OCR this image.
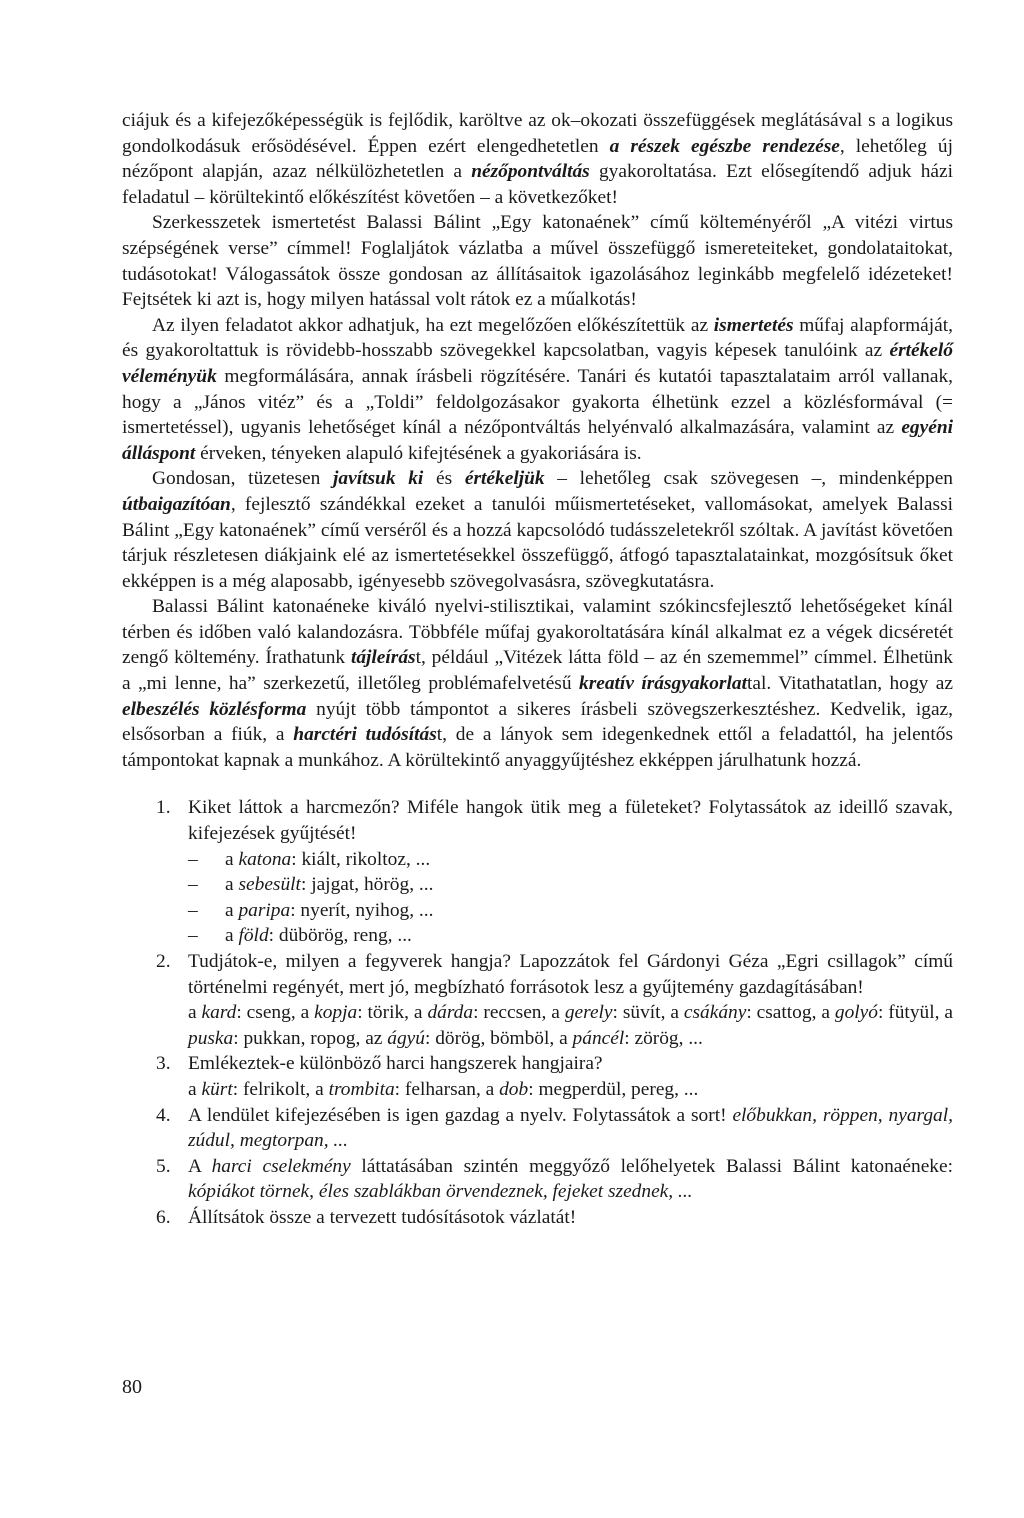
ciájuk és a kifejezőképességük is fejlődik, karöltve az ok–okozati összefüggések meglátásával s a logikus gondolkodásuk erősödésével. Éppen ezért elengedhetetlen a részek egészbe rendezése, lehetőleg új nézőpont alapján, azaz nélkülözhetetlen a nézőpontváltás gyakoroltatása. Ezt elősegítendő adjuk házi feladatul – körültekintő előkészítést követően – a következőket!

Szerkesszetek ismertetést Balassi Bálint „Egy katonaének” című költeményéről „A vitézi virtus szépségének verse” címmel! Foglaljátok vázlatba a művel összefüggő ismereteiteket, gondolataitokat, tudásotokat! Válogassátok össze gondosan az állításaitok igazolásához leginkább megfelelő idézeteket! Fejtsétek ki azt is, hogy milyen hatással volt rátok ez a műalkotás!

Az ilyen feladatot akkor adhatjuk, ha ezt megelőzően előkészítettük az ismertetés műfaj alapformáját, és gyakoroltattuk is rövidebb-hosszabb szövegekkel kapcsolatban, vagyis képesek tanulóink az értékelő véleményük megformálására, annak írásbeli rögzítésére. Tanári és kutatói tapasztalataim arról vallanak, hogy a „János vitéz” és a „Toldi” feldolgozásakor gyakorta élhetünk ezzel a közlésformával (= ismertetéssel), ugyanis lehetőséget kínál a nézőpontváltás helyénvaló alkalmazására, valamint az egyéni álláspont érveken, tényeken alapuló kifejtésének a gyakoriására is.

Gondosan, tüzetesen javítsuk ki és értékeljük – lehetőleg csak szövegesen –, mindenképpen útbaigazítóan, fejlesztő szándékkal ezeket a tanulói műismertetéseket, vallomásokat, amelyek Balassi Bálint „Egy katonaének” című verséről és a hozzá kapcsolódó tudásszeletekről szóltak. A javítást követően tárjuk részletesen diákjaink elé az ismertetésekkel összefüggő, átfogó tapasztalatainkat, mozgósítsuk őket ekképpen is a még alaposabb, igényesebb szövegolvasásra, szövegkutatásra.

Balassi Bálint katonaéneke kiváló nyelvi-stilisztikai, valamint szókincsfejlesztő lehetőségeket kínál térben és időben való kalandozásra. Többféle műfaj gyakoroltatására kínál alkalmat ez a végek dicséretét zengő költemény. Írathatunk tájleírást, például „Vitézek látta föld – az én szememmel” címmel. Élhetünk a „mi lenne, ha” szerkezetű, illetőleg problémafelvetésű kreatív írásgyakorlattal. Vitathatatlan, hogy az elbeszélés közlésforma nyújt több támpontot a sikeres írásbeli szövegszerkesztéshez. Kedvelik, igaz, elsősorban a fiúk, a harctéri tudósítást, de a lányok sem idegenkednek ettől a feladattól, ha jelentős támpontokat kapnak a munkához. A körültekintő anyaggyűjtéshez ekképpen járulhatunk hozzá.

1. Kiket láttok a harcmezőn? Miféle hangok ütik meg a fületeket? Folytassátok az ideillő szavak, kifejezések gyűjtését!
– a katona: kiált, rikoltoz, ...
– a sebesült: jajgat, hörög, ...
– a paripa: nyerít, nyihog, ...
– a föld: dübörög, reng, ...
2. Tudjátok-e, milyen a fegyverek hangja? Lapozzátok fel Gárdonyi Géza „Egri csillagok” című történelmi regényét, mert jó, megbízható forrásotok lesz a gyűjtemény gazdagításában!
a kard: cseng, a kopja: törik, a dárda: reccsen, a gerely: süvít, a csákány: csattog, a golyó: fütyül, a puska: pukkan, ropog, az ágyú: dörög, bömböl, a páncél: zörög, ...
3. Emlékeztek-e különböző harci hangszerek hangjaira?
a kürt: felrikolt, a trombita: felharsan, a dob: megperdül, pereg, ...
4. A lendület kifejezésében is igen gazdag a nyelv. Folytassátok a sort! előbukkan, röppen, nyargal, zúdul, megtorpan, ...
5. A harci cselekmény láttatásában szintén meggyőző lelőhelyetek Balassi Bálint katonaéneke: kópiákot törnek, éles szablákban örvendeznek, fejeket szednek, ...
6. Állítsátok össze a tervezett tudósításotok vázlatát!
80
